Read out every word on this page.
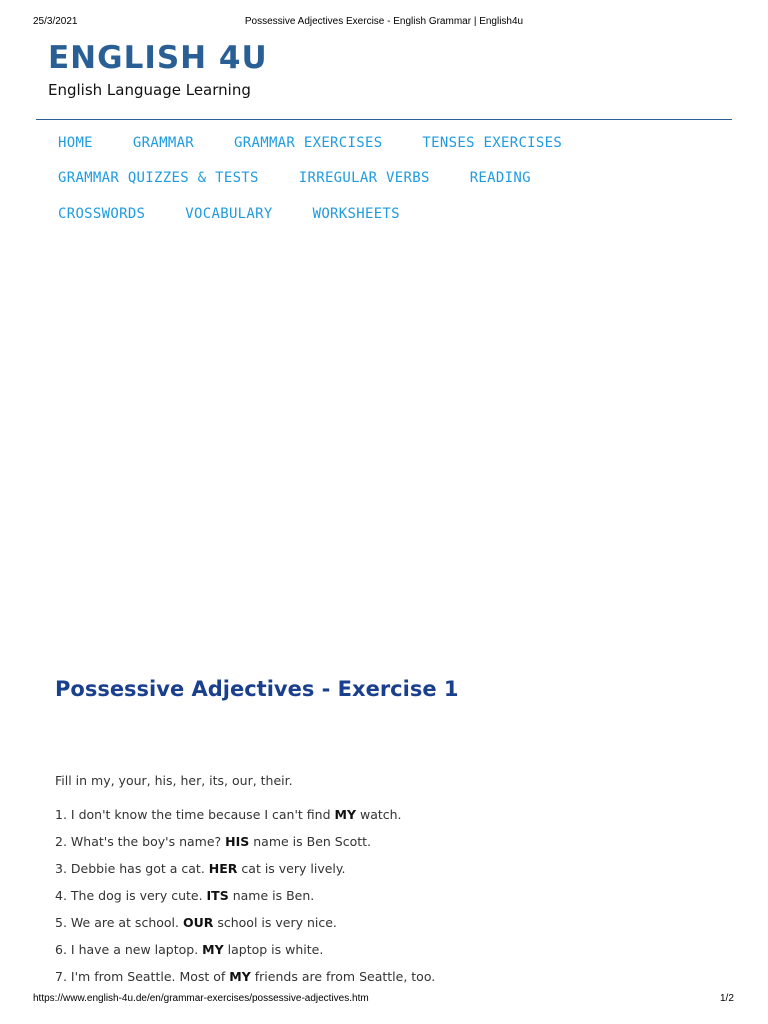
25/3/2021	Possessive Adjectives Exercise - English Grammar | English4u
ENGLISH 4U
English Language Learning
HOME	GRAMMAR	GRAMMAR EXERCISES	TENSES EXERCISES
GRAMMAR QUIZZES & TESTS	IRREGULAR VERBS	READING
CROSSWORDS	VOCABULARY	WORKSHEETS
Possessive Adjectives - Exercise 1
Fill in my, your, his, her, its, our, their.
1. I don't know the time because I can't find MY watch.
2. What's the boy's name? HIS name is Ben Scott.
3. Debbie has got a cat. HER cat is very lively.
4. The dog is very cute. ITS name is Ben.
5. We are at school. OUR school is very nice.
6. I have a new laptop. MY laptop is white.
7. I'm from Seattle. Most of MY friends are from Seattle, too.
https://www.english-4u.de/en/grammar-exercises/possessive-adjectives.htm	1/2
